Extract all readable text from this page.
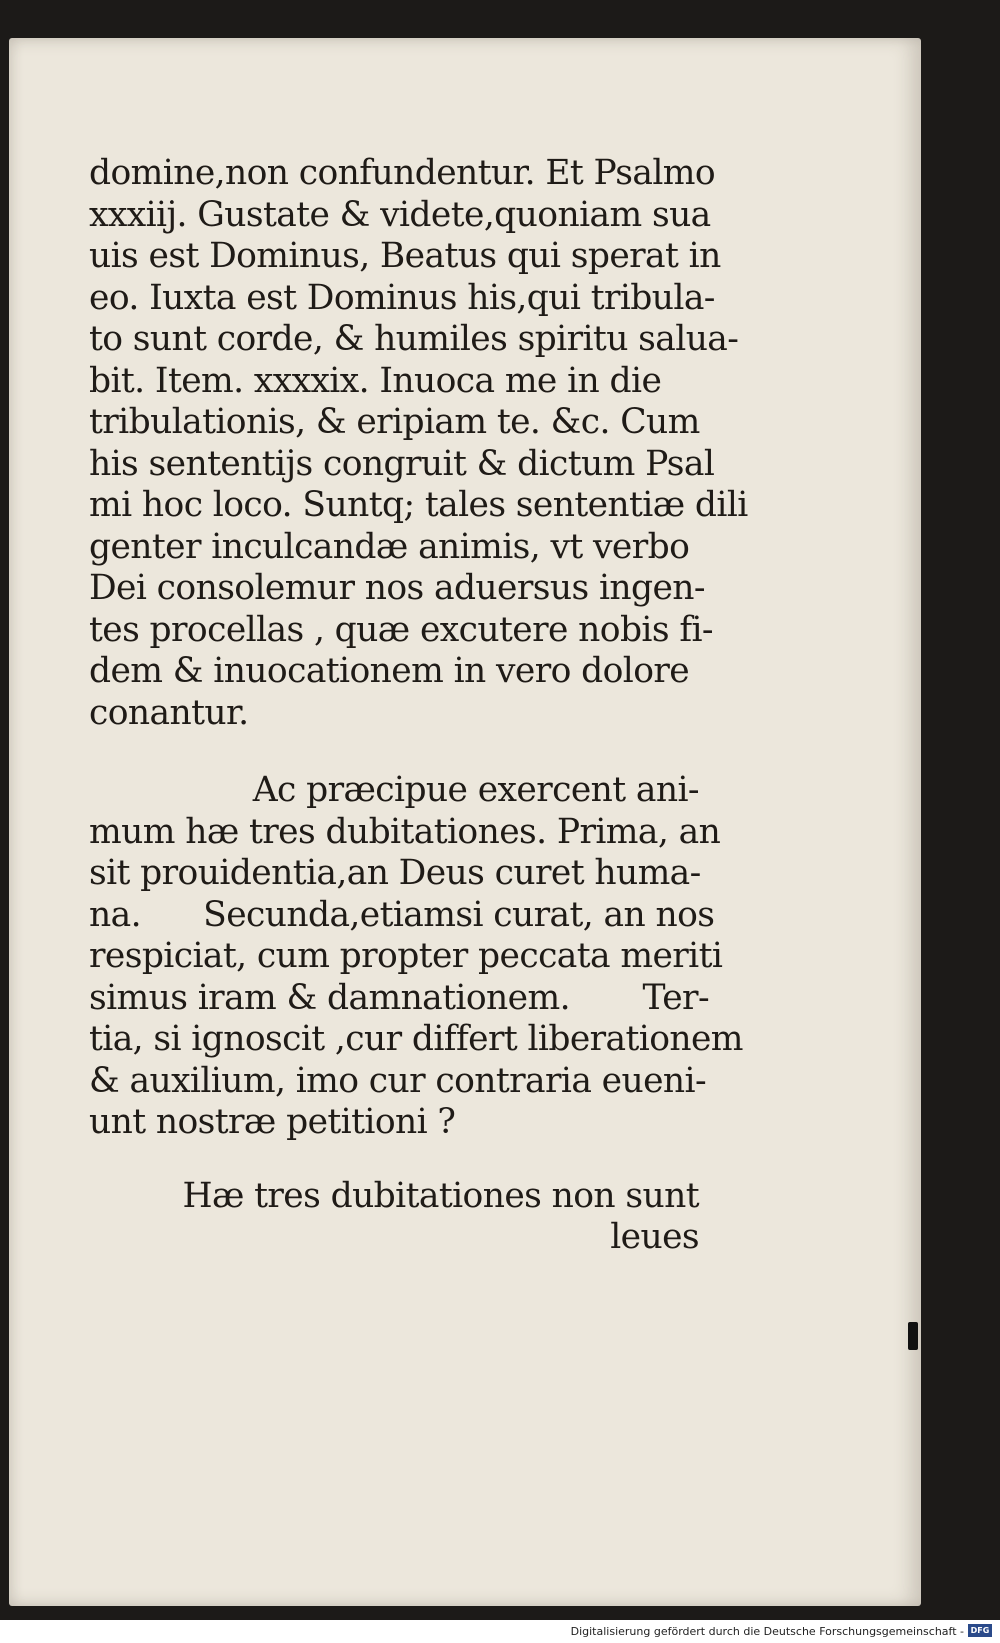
domine,non confundentur. Et Psalmo
xxxiij. Gustate & videte,quoniam sua
uis est Dominus, Beatus qui sperat in
eo. Iuxta est Dominus his,qui tribula-
to sunt corde, & humiles spiritu salua-
bit. Item. xxxxix. Inuoca me in die
tribulationis, & eripiam te. &c. Cum
his sententijs congruit & dictum Psal
mi hoc loco. Suntq; tales sententiæ dili
genter inculcandæ animis, vt verbo
Dei consolemur nos aduersus ingen-
tes procellas , quæ excutere nobis fi-
dem & inuocationem in vero dolore
conantur.
Ac præcipue exercent ani-
mum hæ tres dubitationes. Prima, an
sit prouidentia,an Deus curet huma-
na.      Secunda,etiamsi curat, an nos
respiciat, cum propter peccata meriti
simus iram & damnationem.       Ter-
tia, si ignoscit ,cur differt liberationem
& auxilium, imo cur contraria eueni-
unt nostræ petitioni ?
Hæ tres dubitationes non sunt
leues
Digitalisierung gefördert durch die Deutsche Forschungsgemeinschaft - DFG
